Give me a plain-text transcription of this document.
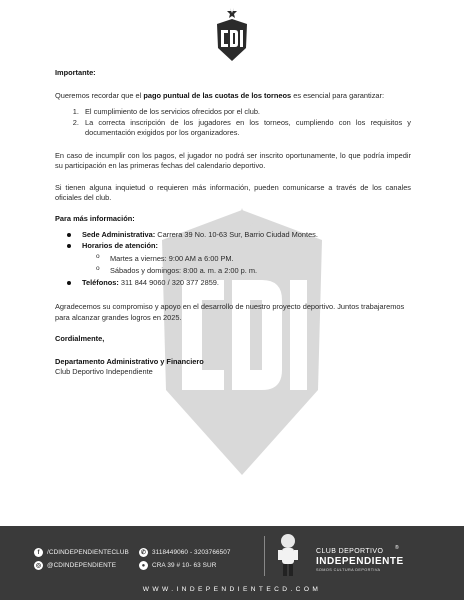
Importante:

Queremos recordar que el pago puntual de las cuotas de los torneos es esencial para garantizar:

1. El cumplimiento de los servicios ofrecidos por el club.
2. La correcta inscripción de los jugadores en los torneos, cumpliendo con los requisitos y documentación exigidos por los organizadores.

En caso de incumplir con los pagos, el jugador no podrá ser inscrito oportunamente, lo que podría impedir su participación en las primeras fechas del calendario deportivo.

Si tienen alguna inquietud o requieren más información, pueden comunicarse a través de los canales oficiales del club.

Para más información:

Sede Administrativa: Carrera 39 No. 10-63 Sur, Barrio Ciudad Montes.
Horarios de atención:
o Martes a viernes: 9:00 AM a 6:00 PM.
o Sábados y domingos: 8:00 a. m. a 2:00 p. m.
Teléfonos: 311 844 9060 / 320 377 2859.

Agradecemos su compromiso y apoyo en el desarrollo de nuestro proyecto deportivo. Juntos trabajaremos para alcanzar grandes logros en 2025.

Cordialmente,

Departamento Administrativo y Financiero

Club Deportivo Independiente

f	/CDINDEPENDIENTECLUB
◎ @CDINDEPENDIENTE
✆ 3118449060 - 3203766507
●	CRA 39 # 10- 63 SUR
CLUB DEPORTIVO
INDEPENDIENTE
SOMOS CULTURA DEPORTIVA
®
WWW.INDEPENDIENTECD.COM
